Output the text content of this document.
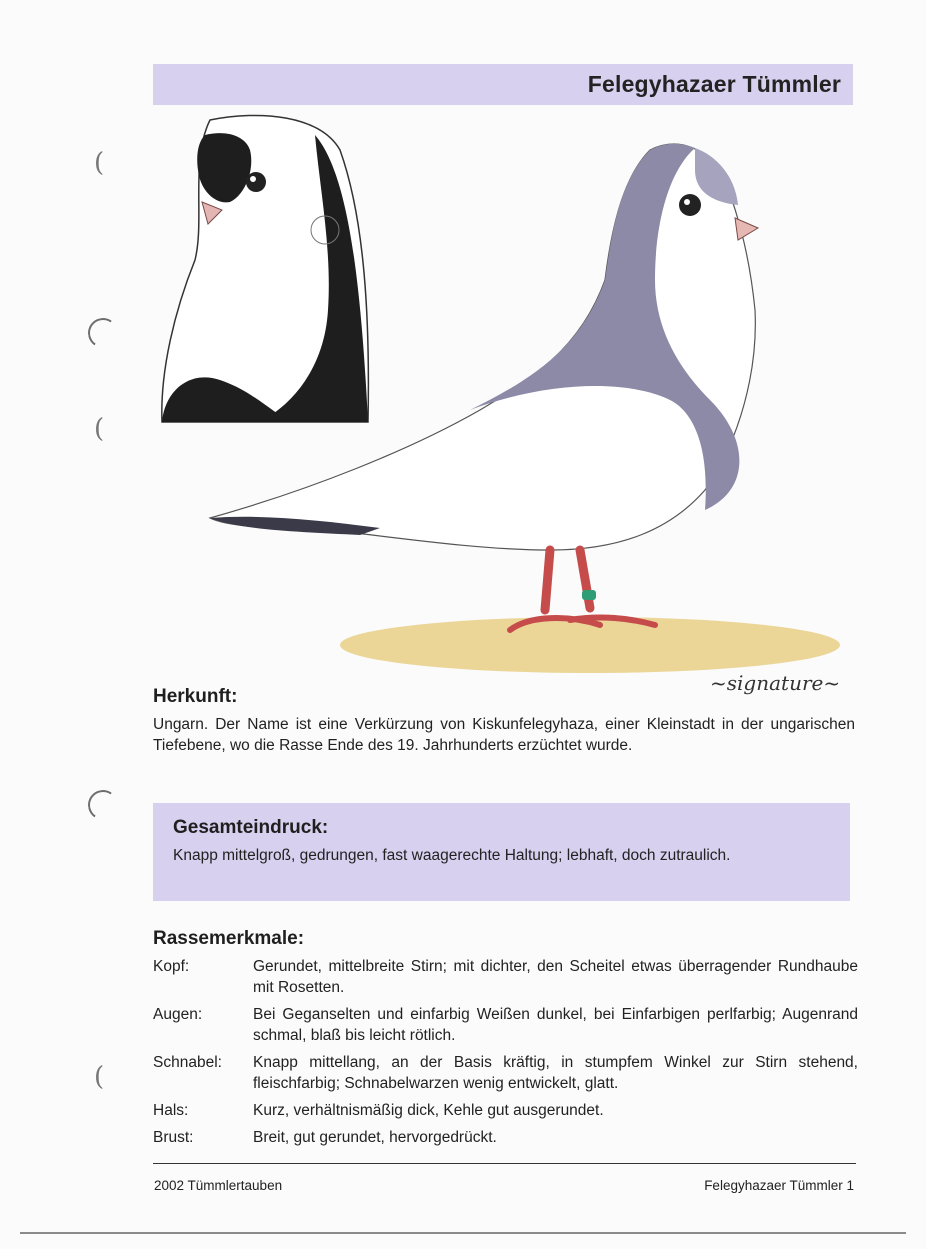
(
(
(
Felegyhazaer Tümmler
~signature~
Herkunft:

Ungarn. Der Name ist eine Verkürzung von Kiskunfelegyhaza, einer Kleinstadt in der ungarischen Tiefebene, wo die Rasse Ende des 19. Jahrhunderts erzüchtet wurde.

Gesamteindruck:

Knapp mittelgroß, gedrungen, fast waagerechte Haltung; lebhaft, doch zutraulich.

Rassemerkmale:
Kopf:	Gerundet, mittelbreite Stirn; mit dichter, den Scheitel etwas überragender Rundhaube mit Rosetten.
Augen:	Bei Geganselten und einfarbig Weißen dunkel, bei Einfarbigen perlfarbig; Augenrand schmal, blaß bis leicht rötlich.
Schnabel:	Knapp mittellang, an der Basis kräftig, in stumpfem Winkel zur Stirn stehend, fleischfarbig; Schnabelwarzen wenig entwickelt, glatt.
Hals:	Kurz, verhältnismäßig dick, Kehle gut ausgerundet.
Brust:	Breit, gut gerundet, hervorgedrückt.
2002 Tümmlertauben	Felegyhazaer Tümmler 1
